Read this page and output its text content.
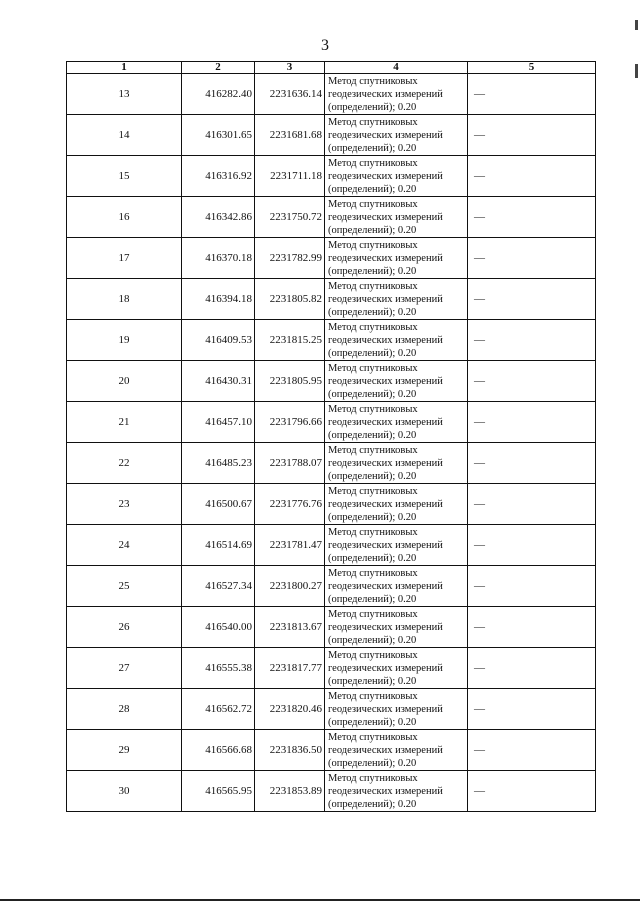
3
1	2	3	4	5
13	416282.40	2231636.14	Метод спутниковых
геодезических измерений
(определений); 0.20	—
14	416301.65	2231681.68	Метод спутниковых
геодезических измерений
(определений); 0.20	—
15	416316.92	2231711.18	Метод спутниковых
геодезических измерений
(определений); 0.20	—
16	416342.86	2231750.72	Метод спутниковых
геодезических измерений
(определений); 0.20	—
17	416370.18	2231782.99	Метод спутниковых
геодезических измерений
(определений); 0.20	—
18	416394.18	2231805.82	Метод спутниковых
геодезических измерений
(определений); 0.20	—
19	416409.53	2231815.25	Метод спутниковых
геодезических измерений
(определений); 0.20	—
20	416430.31	2231805.95	Метод спутниковых
геодезических измерений
(определений); 0.20	—
21	416457.10	2231796.66	Метод спутниковых
геодезических измерений
(определений); 0.20	—
22	416485.23	2231788.07	Метод спутниковых
геодезических измерений
(определений); 0.20	—
23	416500.67	2231776.76	Метод спутниковых
геодезических измерений
(определений); 0.20	—
24	416514.69	2231781.47	Метод спутниковых
геодезических измерений
(определений); 0.20	—
25	416527.34	2231800.27	Метод спутниковых
геодезических измерений
(определений); 0.20	—
26	416540.00	2231813.67	Метод спутниковых
геодезических измерений
(определений); 0.20	—
27	416555.38	2231817.77	Метод спутниковых
геодезических измерений
(определений); 0.20	—
28	416562.72	2231820.46	Метод спутниковых
геодезических измерений
(определений); 0.20	—
29	416566.68	2231836.50	Метод спутниковых
геодезических измерений
(определений); 0.20	—
30	416565.95	2231853.89	Метод спутниковых
геодезических измерений
(определений); 0.20	—
